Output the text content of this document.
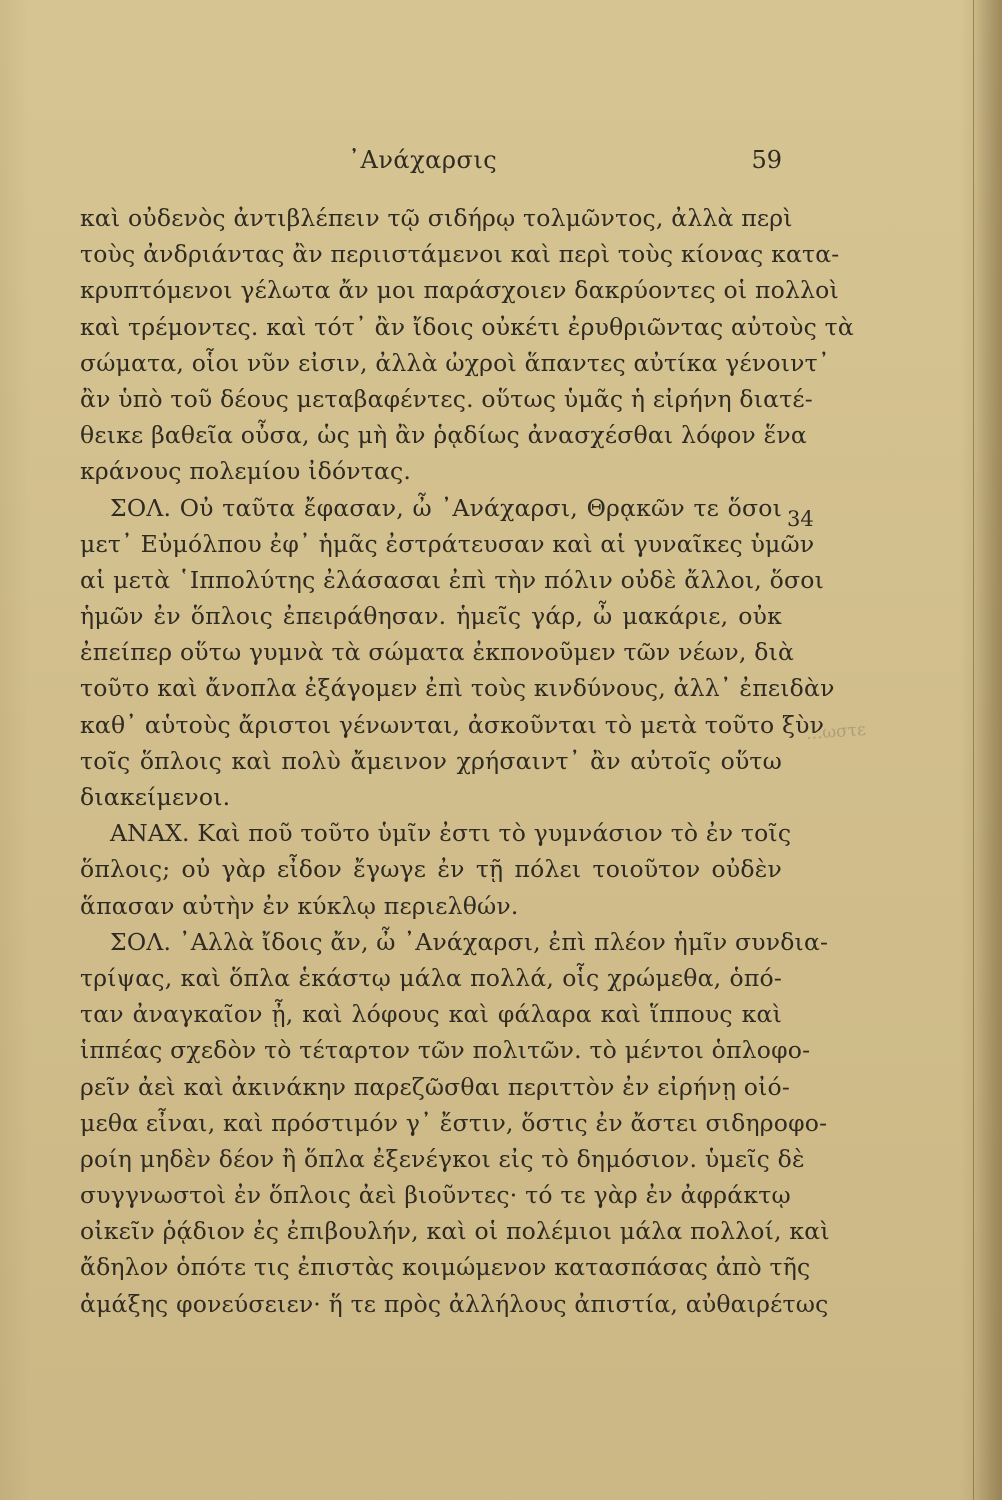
᾿Ανάχαρσις	59
καὶ οὐδενὸς ἀντιβλέπειν τῷ σιδήρῳ τολμῶντος, ἀλλὰ περὶ
τοὺς ἀνδριάντας ἂν περιιστάμενοι καὶ περὶ τοὺς κίονας κατα-
κρυπτόμενοι γέλωτα ἄν μοι παράσχοιεν δακρύοντες οἱ πολλοὶ
καὶ τρέμοντες. καὶ τότ᾿ ἂν ἴδοις οὐκέτι ἐρυθριῶντας αὐτοὺς τὰ
σώματα, οἷοι νῦν εἰσιν, ἀλλὰ ὠχροὶ ἅπαντες αὐτίκα γένοιντ᾿
ἂν ὑπὸ τοῦ δέους μεταβαφέντες. οὕτως ὑμᾶς ἡ εἰρήνη διατέ-
θεικε βαθεῖα οὖσα, ὡς μὴ ἂν ῥᾳδίως ἀνασχέσθαι λόφον ἕνα
κράνους πολεμίου ἰδόντας.
ΣΟΛ. Οὐ ταῦτα ἔφασαν, ὦ ᾿Ανάχαρσι, Θρᾳκῶν τε ὅσοι
μετ᾿ Εὐμόλπου ἐφ᾿ ἡμᾶς ἐστράτευσαν καὶ αἱ γυναῖκες ὑμῶν
αἱ μετὰ ῾Ιππολύτης ἐλάσασαι ἐπὶ τὴν πόλιν οὐδὲ ἄλλοι, ὅσοι
ἡμῶν ἐν ὅπλοις ἐπειράθησαν. ἡμεῖς γάρ, ὦ μακάριε, οὐκ
ἐπείπερ οὕτω γυμνὰ τὰ σώματα ἐκπονοῦμεν τῶν νέων, διὰ
τοῦτο καὶ ἄνοπλα ἐξάγομεν ἐπὶ τοὺς κινδύνους, ἀλλ᾿ ἐπειδὰν
καθ᾿ αὑτοὺς ἄριστοι γένωνται, ἀσκοῦνται τὸ μετὰ τοῦτο ξὺν
τοῖς ὅπλοις καὶ πολὺ ἄμεινον χρήσαιντ᾿ ἂν αὐτοῖς οὕτω
διακείμενοι.
ΑΝΑΧ. Καὶ ποῦ τοῦτο ὑμῖν ἐστι τὸ γυμνάσιον τὸ ἐν τοῖς
ὅπλοις; οὐ γὰρ εἶδον ἔγωγε ἐν τῇ πόλει τοιοῦτον οὐδὲν
ἅπασαν αὐτὴν ἐν κύκλῳ περιελθών.
ΣΟΛ. ᾿Αλλὰ ἴδοις ἄν, ὦ ᾿Ανάχαρσι, ἐπὶ πλέον ἡμῖν συνδια-
τρίψας, καὶ ὅπλα ἑκάστῳ μάλα πολλά, οἷς χρώμεθα, ὁπό-
ταν ἀναγκαῖον ᾖ, καὶ λόφους καὶ φάλαρα καὶ ἵππους καὶ
ἱππέας σχεδὸν τὸ τέταρτον τῶν πολιτῶν. τὸ μέντοι ὁπλοφο-
ρεῖν ἀεὶ καὶ ἀκινάκην παρεζῶσθαι περιττὸν ἐν εἰρήνῃ οἰό-
μεθα εἶναι, καὶ πρόστιμόν γ᾿ ἔστιν, ὅστις ἐν ἄστει σιδηροφο-
ροίη μηδὲν δέον ἢ ὅπλα ἐξενέγκοι εἰς τὸ δημόσιον. ὑμεῖς δὲ
συγγνωστοὶ ἐν ὅπλοις ἀεὶ βιοῦντες· τό τε γὰρ ἐν ἀφράκτῳ
οἰκεῖν ῥᾴδιον ἐς ἐπιβουλήν, καὶ οἱ πολέμιοι μάλα πολλοί, καὶ
ἄδηλον ὁπότε τις ἐπιστὰς κοιμώμενον κατασπάσας ἀπὸ τῆς
ἁμάξης φονεύσειεν· ἥ τε πρὸς ἀλλήλους ἀπιστία, αὐθαιρέτως
34
...ωστε
